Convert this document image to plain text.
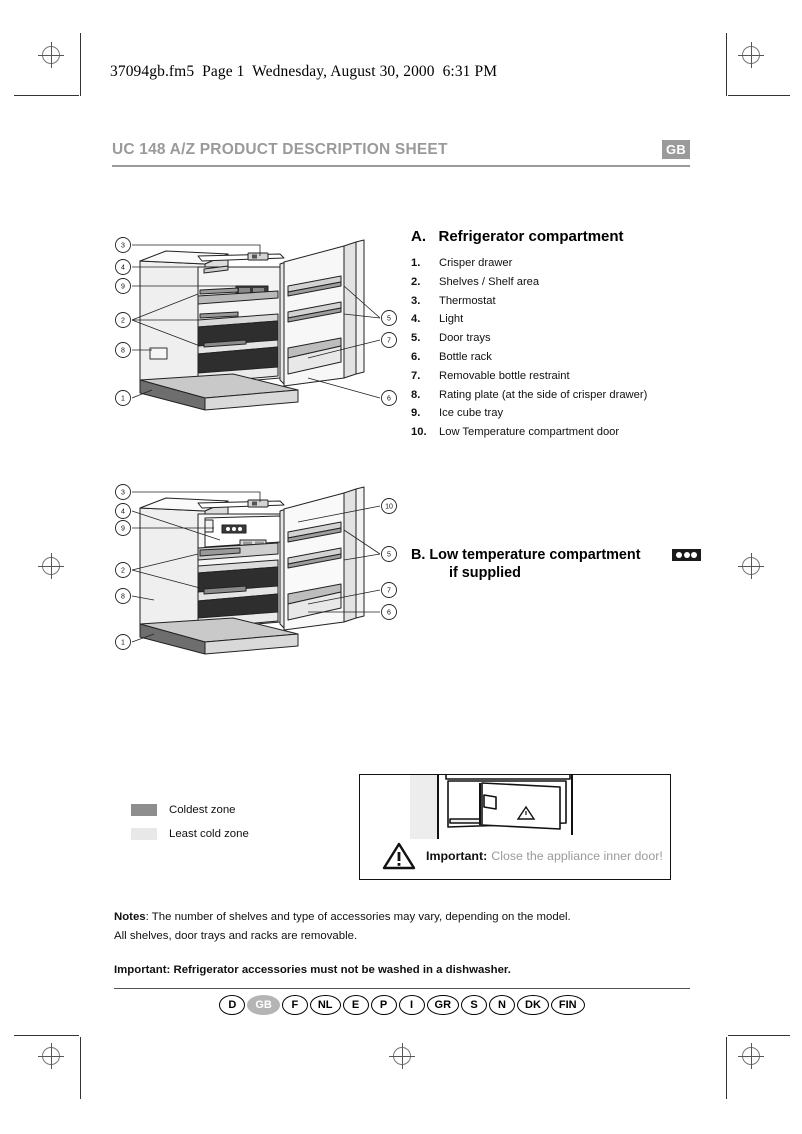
37094gb.fm5  Page 1  Wednesday, August 30, 2000  6:31 PM
UC 148 A/Z PRODUCT DESCRIPTION SHEET	GB
3
4
9
2
8
1
5
7
6
A.   Refrigerator compartment
1.	Crisper drawer
2.	Shelves / Shelf area
3.	Thermostat
4.	Light
5.	Door trays
6.	Bottle rack
7.	Removable bottle restraint
8.	Rating plate (at the side of crisper drawer)
9.	Ice cube tray
10.	Low Temperature compartment door
3
4
9
2
8
1
10
5
7
6
B. Low temperature compartment
if supplied
Coldest zone
Least cold zone
Important: Close the appliance inner door!
Notes: The number of shelves and type of accessories may vary, depending on the model.
All shelves, door trays and racks are removable.
Important: Refrigerator accessories must not be washed in a dishwasher.
D	GB	F	NL	E	P	I	GR	S	N	DK	FIN
